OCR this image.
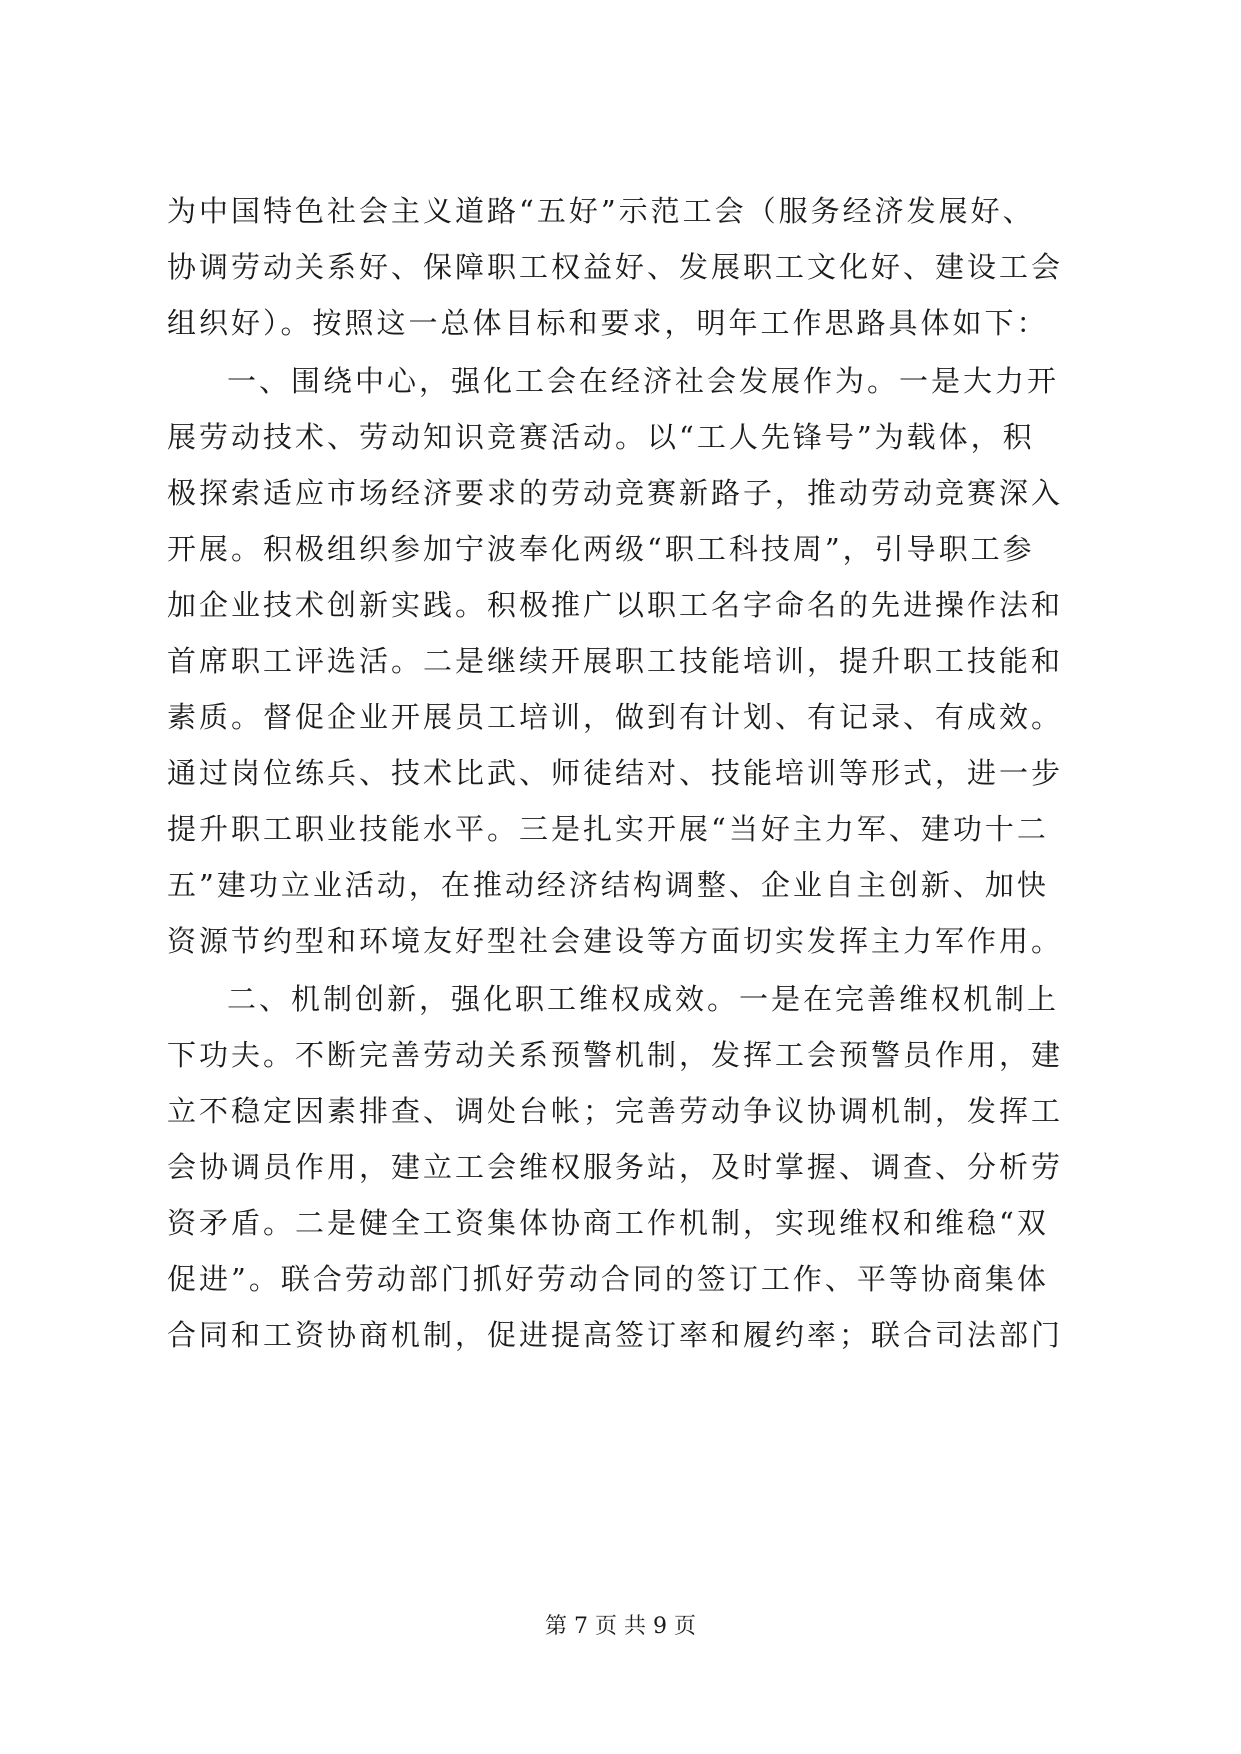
为中国特色社会主义道路“五好”示范工会（服务经济发展好、
协调劳动关系好、保障职工权益好、发展职工文化好、建设工会
组织好）。按照这一总体目标和要求，明年工作思路具体如下：
一、围绕中心，强化工会在经济社会发展作为。一是大力开
展劳动技术、劳动知识竞赛活动。以“工人先锋号”为载体，积
极探索适应市场经济要求的劳动竞赛新路子，推动劳动竞赛深入
开展。积极组织参加宁波奉化两级“职工科技周”，引导职工参
加企业技术创新实践。积极推广以职工名字命名的先进操作法和
首席职工评选活。二是继续开展职工技能培训，提升职工技能和
素质。督促企业开展员工培训，做到有计划、有记录、有成效。
通过岗位练兵、技术比武、师徒结对、技能培训等形式，进一步
提升职工职业技能水平。三是扎实开展“当好主力军、建功十二
五”建功立业活动，在推动经济结构调整、企业自主创新、加快
资源节约型和环境友好型社会建设等方面切实发挥主力军作用。
二、机制创新，强化职工维权成效。一是在完善维权机制上
下功夫。不断完善劳动关系预警机制，发挥工会预警员作用，建
立不稳定因素排查、调处台帐；完善劳动争议协调机制，发挥工
会协调员作用，建立工会维权服务站，及时掌握、调查、分析劳
资矛盾。二是健全工资集体协商工作机制，实现维权和维稳“双
促进”。联合劳动部门抓好劳动合同的签订工作、平等协商集体
合同和工资协商机制，促进提高签订率和履约率；联合司法部门
第 7 页 共 9 页
